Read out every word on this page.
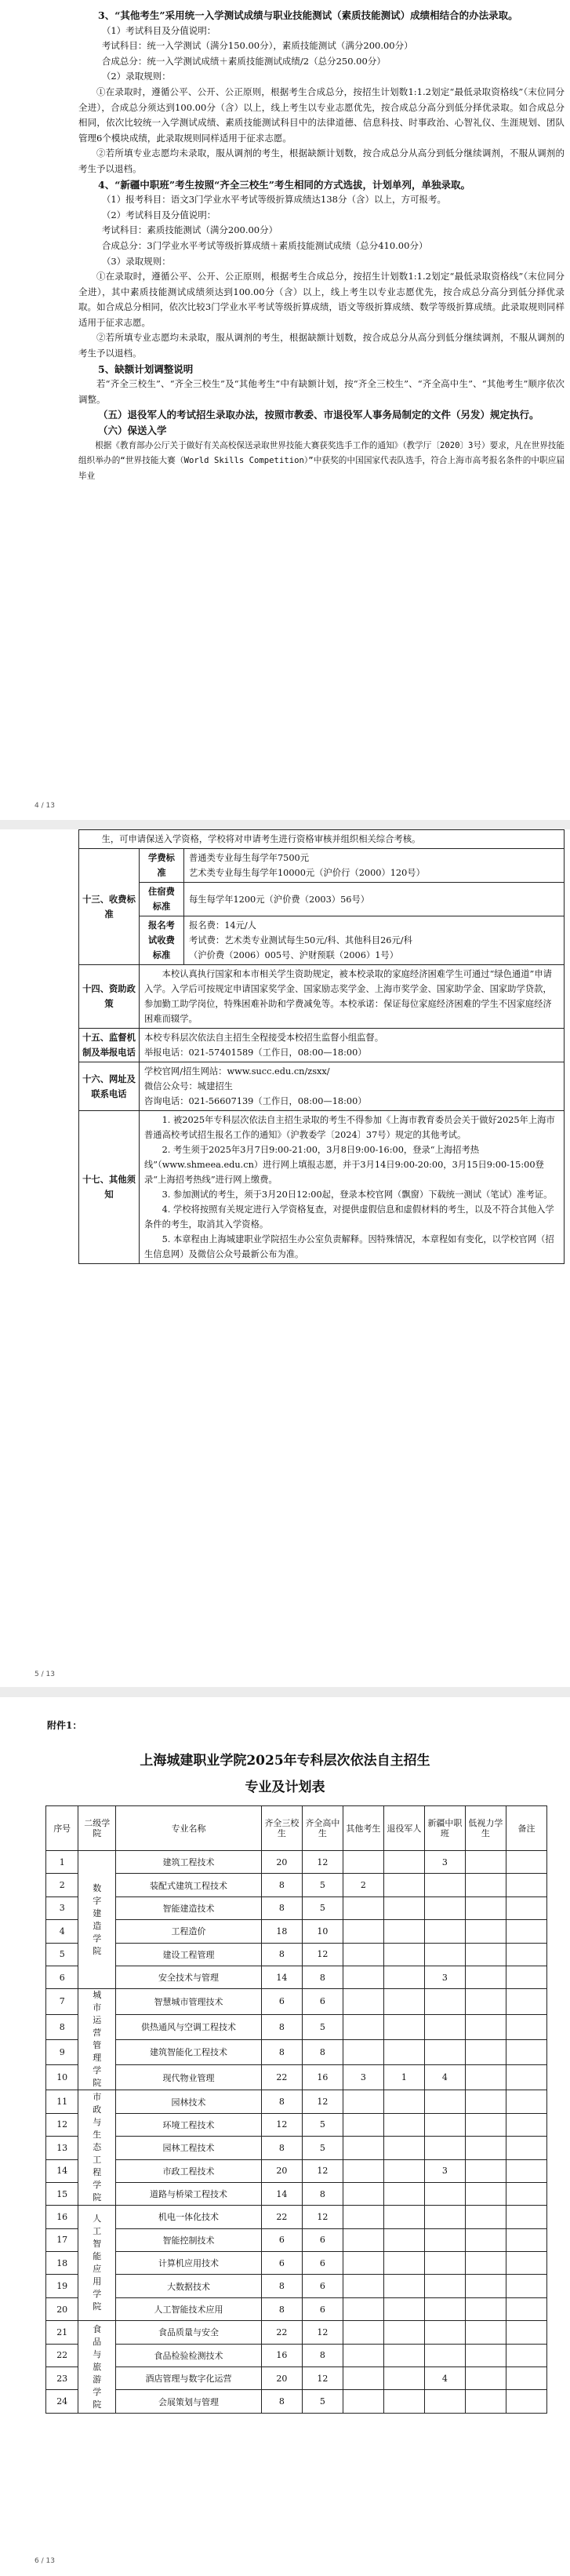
3、“其他考生”采用统一入学测试成绩与职业技能测试（素质技能测试）成绩相结合的办法录取。

（1）考试科目及分值说明：

考试科目：统一入学测试（满分150.00分），素质技能测试（满分200.00分）

合成总分：统一入学测试成绩＋素质技能测试成绩/2（总分250.00分）

（2）录取规则：

①在录取时，遵循公平、公开、公正原则，根据考生合成总分，按招生计划数1:1.2划定“最低录取资格线”（末位同分全进），合成总分须达到100.00分（含）以上，线上考生以专业志愿优先，按合成总分高分到低分择优录取。如合成总分相同，依次比较统一入学测试成绩、素质技能测试科目中的法律道德、信息科技、时事政治、心智礼仪、生涯规划、团队管理6个模块成绩，此录取规则同样适用于征求志愿。

②若所填专业志愿均未录取，服从调剂的考生，根据缺额计划数，按合成总分从高分到低分继续调剂，不服从调剂的考生予以退档。

4、“新疆中职班”考生按照“齐全三校生”考生相同的方式选拔，计划单列，单独录取。

（1）报考科目：语文3门学业水平考试等级折算成绩达138分（含）以上，方可报考。

（2）考试科目及分值说明：

考试科目：素质技能测试（满分200.00分）

合成总分：3门学业水平考试等级折算成绩＋素质技能测试成绩（总分410.00分）

（3）录取规则：

①在录取时，遵循公平、公开、公正原则，根据考生合成总分，按招生计划数1:1.2划定“最低录取资格线”（末位同分全进），其中素质技能测试成绩须达到100.00分（含）以上，线上考生以专业志愿优先，按合成总分高分到低分择优录取。如合成总分相同，依次比较3门学业水平考试等级折算成绩，语文等级折算成绩、数学等级折算成绩。此录取规则同样适用于征求志愿。

②若所填专业志愿均未录取，服从调剂的考生，根据缺额计划数，按合成总分从高分到低分继续调剂，不服从调剂的考生予以退档。

5、缺额计划调整说明

若“齐全三校生”、“齐全三校生”及“其他考生”中有缺额计划，按“齐全三校生”、“齐全高中生”、“其他考生”顺序依次调整。

（五）退役军人的考试招生录取办法，按照市教委、市退役军人事务局制定的文件（另发）规定执行。

（六）保送入学

根据《教育部办公厅关于做好有关高校保送录取世界技能大赛获奖选手工作的通知》（教学厅〔2020〕3号）要求，凡在世界技能组织举办的“世界技能大赛（World Skills Competition）”中获奖的中国国家代表队选手，符合上海市高考报名条件的中职应届毕业

4 / 13

生，可申请保送入学资格，学校将对申请考生进行资格审核并组织相关综合考核。		

十三、收费标准	学费标准	普通类专业每生每学年7500元

艺术类专业每生每学年10000元（沪价行（2000）120号）

	住宿费标准	每生每学年1200元（沪价费（2003）56号）

	报名考试收费标准	报名费：14元/人

考试费：艺术类专业测试每生50元/科、其他科目26元/科

（沪价费（2006）005号、沪财预联（2006）1号）

十四、资助政策	本校认真执行国家和本市相关学生资助规定，被本校录取的家庭经济困难学生可通过“绿色通道”申请入学。入学后可按规定申请国家奖学金、国家励志奖学金、上海市奖学金、国家助学金、国家助学贷款，参加勤工助学岗位，特殊困难补助和学费减免等。本校承诺：保证每位家庭经济困难的学生不因家庭经济困难而辍学。	

十五、监督机制及举报电话	本校专科层次依法自主招生全程接受本校招生监督小组监督。

举报电话：021-57401589（工作日，08:00—18:00）	

十六、网址及联系电话	学校官网/招生网站：www.succ.edu.cn/zsxx/

微信公众号：城建招生

咨询电话：021-56607139（工作日，08:00—18:00）	

十七、其他须知	1. 被2025年专科层次依法自主招生录取的考生不得参加《上海市教育委员会关于做好2025年上海市普通高校考试招生报名工作的通知》（沪教委学〔2024〕37号）规定的其他考试。

2. 考生须于2025年3月7日9:00-21:00，3月8日9:00-16:00，登录“上海招考热线”（www.shmeea.edu.cn）进行网上填报志愿，并于3月14日9:00-20:00，3月15日9:00-15:00登录“上海招考热线”进行网上缴费。

3. 参加测试的考生，须于3月20日12:00起，登录本校官网（飘窗）下载统一测试（笔试）准考证。

4. 学校将按照有关规定进行入学资格复查，对提供虚假信息和虚假材料的考生，以及不符合其他入学条件的考生，取消其入学资格。

5. 本章程由上海城建职业学院招生办公室负责解释。因特殊情况，本章程如有变化，以学校官网（招生信息网）及微信公众号最新公布为准。	

5 / 13
附件1：
上海城建职业学院2025年专科层次依法自主招生
专业及计划表
序号	二级学院	专业名称	齐全三校生	齐全高中生	其他考生	退役军人	新疆中职班	低视力学生	备注
1	数字建造学院	建筑工程技术	20	12			3		
2		装配式建筑工程技术	8	5	2				
3		智能建造技术	8	5					
4		工程造价	18	10					
5		建设工程管理	8	12					
6		安全技术与管理	14	8			3		
7	城市运营管理学院	智慧城市管理技术	6	6					
8		供热通风与空调工程技术	8	5					
9		建筑智能化工程技术	8	8					
10		现代物业管理	22	16	3	1	4		
11	市政与生态工程学院	园林技术	8	12					
12		环境工程技术	12	5					
13		园林工程技术	8	5					
14		市政工程技术	20	12			3		
15		道路与桥梁工程技术	14	8					
16	人工智能应用学院	机电一体化技术	22	12					
17		智能控制技术	6	6					
18		计算机应用技术	6	6					
19		大数据技术	8	6					
20		人工智能技术应用	8	6					
21	食品与旅游学院	食品质量与安全	22	12					
22		食品检验检测技术	16	8					
23		酒店管理与数字化运营	20	12			4		
24		会展策划与管理	8	5					
6 / 13
